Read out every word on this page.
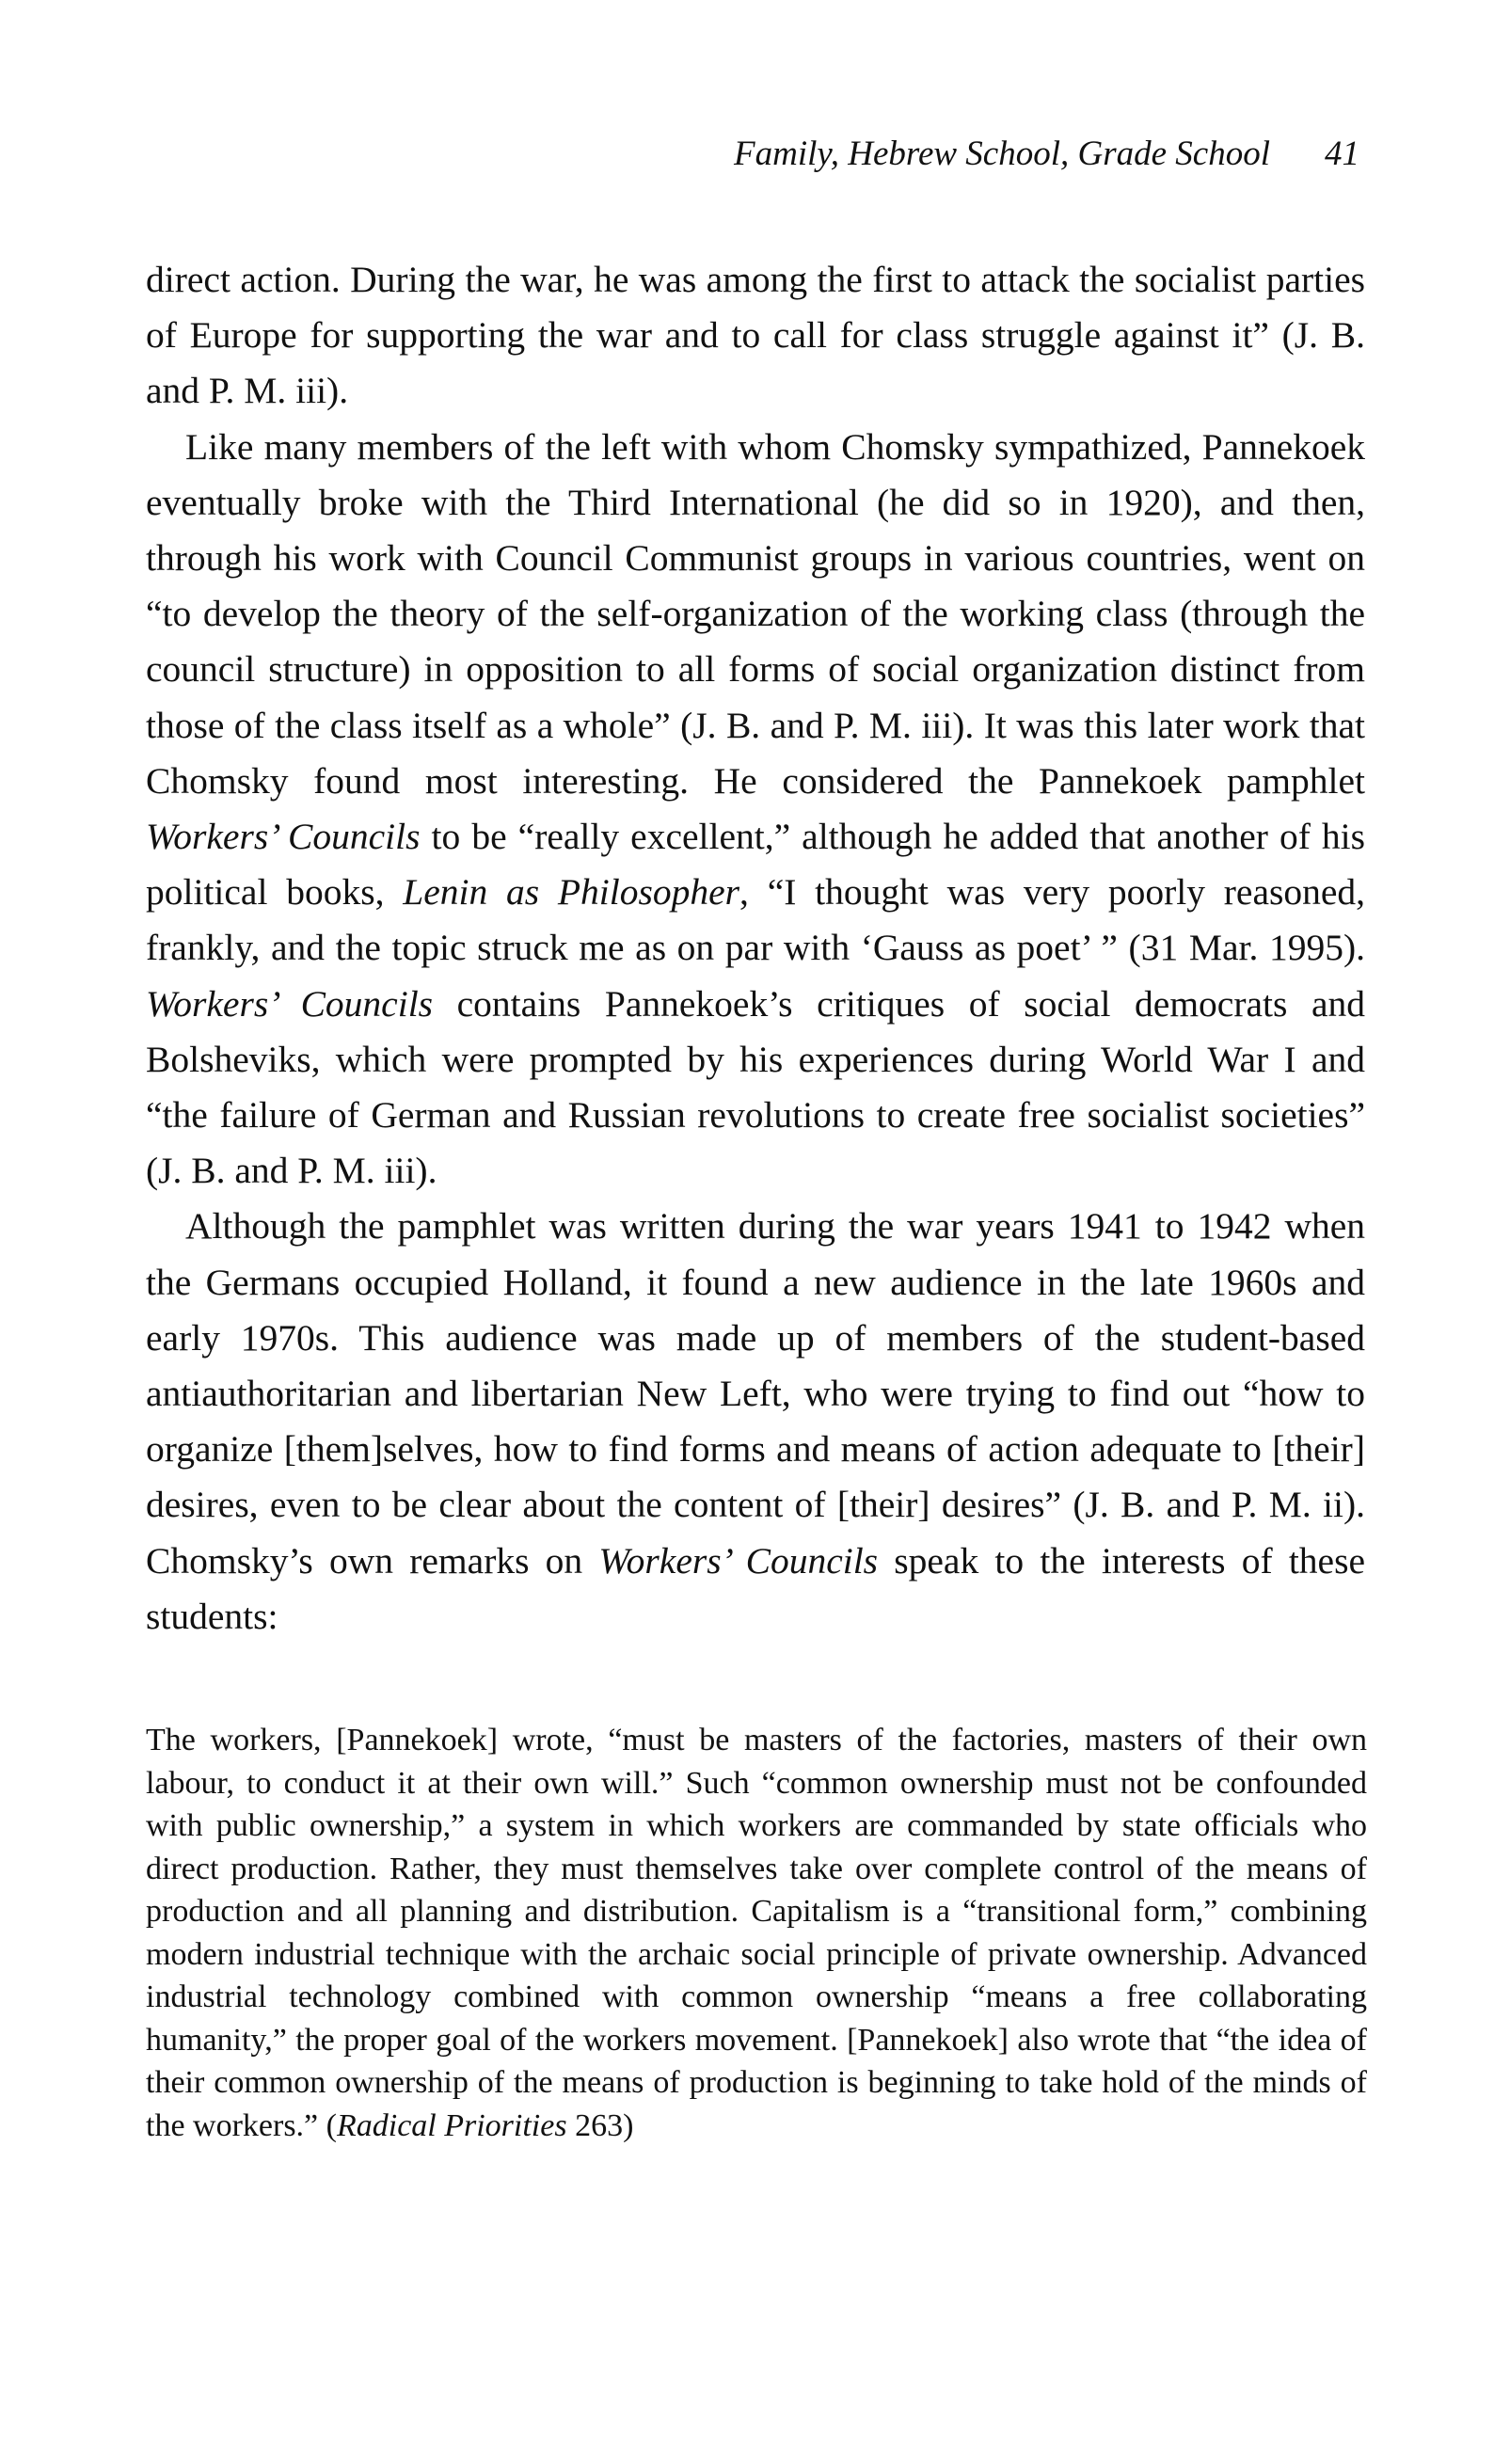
Family, Hebrew School, Grade School 41

direct action. During the war, he was among the first to attack the socialist parties of Europe for supporting the war and to call for class struggle against it” (J. B. and P. M. iii).

Like many members of the left with whom Chomsky sympathized, Pannekoek eventually broke with the Third International (he did so in 1920), and then, through his work with Council Communist groups in various countries, went on “to develop the theory of the self-organization of the working class (through the council structure) in opposition to all forms of social organization distinct from those of the class itself as a whole” (J. B. and P. M. iii). It was this later work that Chomsky found most interesting. He considered the Pannekoek pamphlet Workers’ Councils to be “really excellent,” although he added that another of his political books, Lenin as Philosopher, “I thought was very poorly reasoned, frankly, and the topic struck me as on par with ‘Gauss as poet’ ” (31 Mar. 1995). Workers’ Councils contains Pannekoek’s critiques of social democrats and Bolsheviks, which were prompted by his experiences during World War I and “the failure of German and Russian revolutions to create free socialist societies” (J. B. and P. M. iii).

Although the pamphlet was written during the war years 1941 to 1942 when the Germans occupied Holland, it found a new audience in the late 1960s and early 1970s. This audience was made up of members of the student-based antiauthoritarian and libertarian New Left, who were trying to find out “how to organize [them]selves, how to find forms and means of action adequate to [their] desires, even to be clear about the content of [their] desires” (J. B. and P. M. ii). Chomsky’s own remarks on Workers’ Councils speak to the interests of these students:

The workers, [Pannekoek] wrote, “must be masters of the factories, masters of their own labour, to conduct it at their own will.” Such “common ownership must not be confounded with public ownership,” a system in which workers are commanded by state officials who direct production. Rather, they must themselves take over complete control of the means of production and all planning and distribution. Capitalism is a “transitional form,” combining modern industrial technique with the archaic social principle of private ownership. Advanced industrial technology combined with common ownership “means a free collaborating humanity,” the proper goal of the workers movement. [Pannekoek] also wrote that “the idea of their common ownership of the means of production is beginning to take hold of the minds of the workers.” (Radical Priorities 263)
